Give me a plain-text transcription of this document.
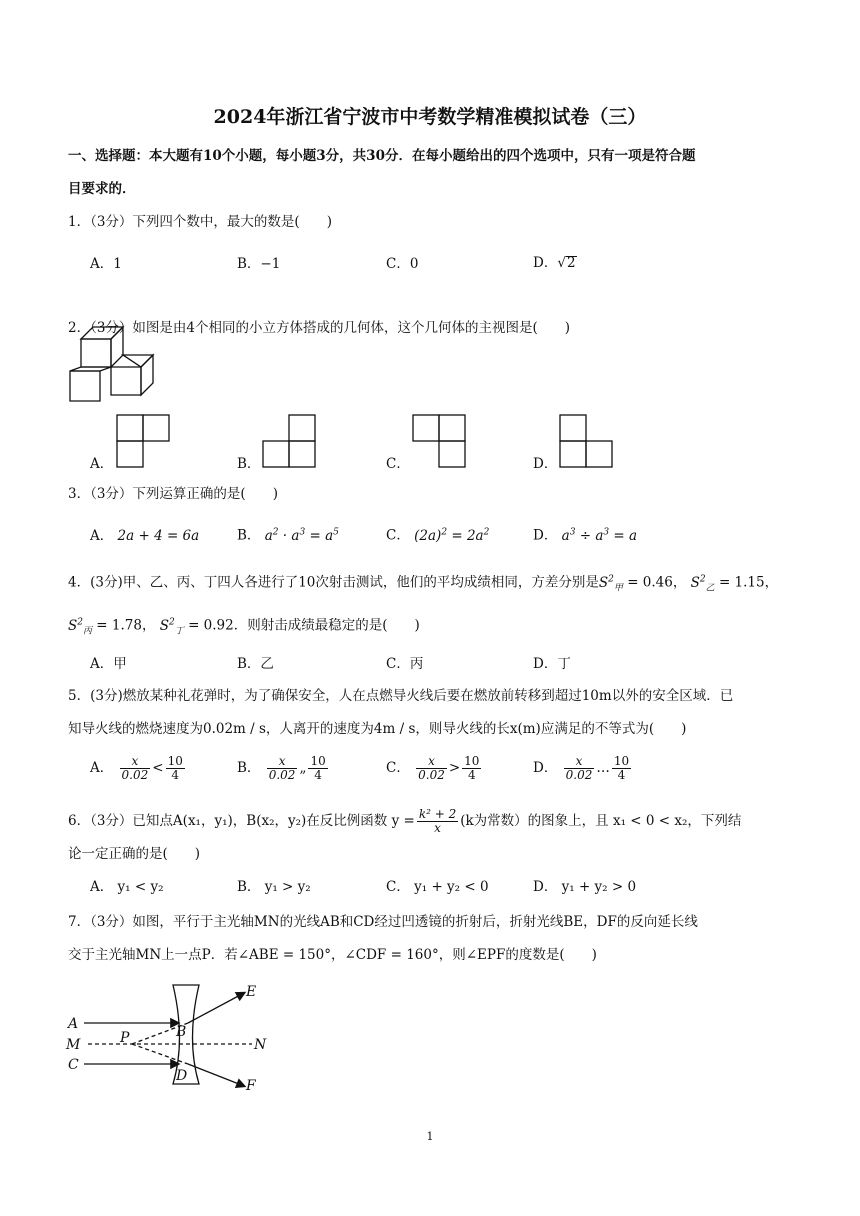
2024年浙江省宁波市中考数学精准模拟试卷（三）
一、选择题：本大题有10个小题，每小题3分，共30分．在每小题给出的四个选项中，只有一项是符合题
目要求的．
1．（3分）下列四个数中，最大的数是(　　)
A．1	B．−1	C．0	D．√2
2．（3分）如图是由4个相同的小立方体搭成的几何体，这个几何体的主视图是(　　)
A．	B．	C．	D．
3．（3分）下列运算正确的是(　　)
A． 2a + 4 = 6a	B． $a^2 \cdot a^3 = a^5$	C． $(2a)^2 = 2a^2$	D． $a^3 \div a^3 = a$
4．(3分)甲、乙、丙、丁四人各进行了10次射击测试，他们的平均成绩相同，方差分别是$S^2_甲 = 0.46$， $S^2_乙 = 1.15$，
$S^2_丙 = 1.78$， $S^2_丁 = 0.92$．则射击成绩最稳定的是(　　)
A．甲	B．乙	C．丙	D．丁
5．(3分)燃放某种礼花弹时，为了确保安全，人在点燃导火线后要在燃放前转移到超过10m以外的安全区域．已
知导火线的燃烧速度为0.02m / s，人离开的速度为4m / s，则导火线的长x(m)应满足的不等式为(　　)
A． $\frac{x}{0.02} < \frac{10}{4}$	B． $\frac{x}{0.02}$ „ $\frac{10}{4}$	C． $\frac{x}{0.02} > \frac{10}{4}$	D． $\frac{x}{0.02}$ … $\frac{10}{4}$
6．（3分）已知点A(x₁，y₁)，B(x₂，y₂)在反比例函数 $y = \frac{\text{k² + 2}}{x} (k$为常数）的图象上，且 x₁ < 0 < x₂，下列结
论一定正确的是(　　)
A． y₁ < y₂	B． y₁ > y₂	C． y₁ + y₂ < 0	D． y₁ + y₂ > 0
7．（3分）如图，平行于主光轴MN的光线AB和CD经过凹透镜的折射后，折射光线BE，DF的反向延长线
交于主光轴MN上一点P．若∠ABE = 150°，∠CDF = 160°，则∠EPF的度数是(　　)
A
M
C
P	B
D
N
E
F
1
